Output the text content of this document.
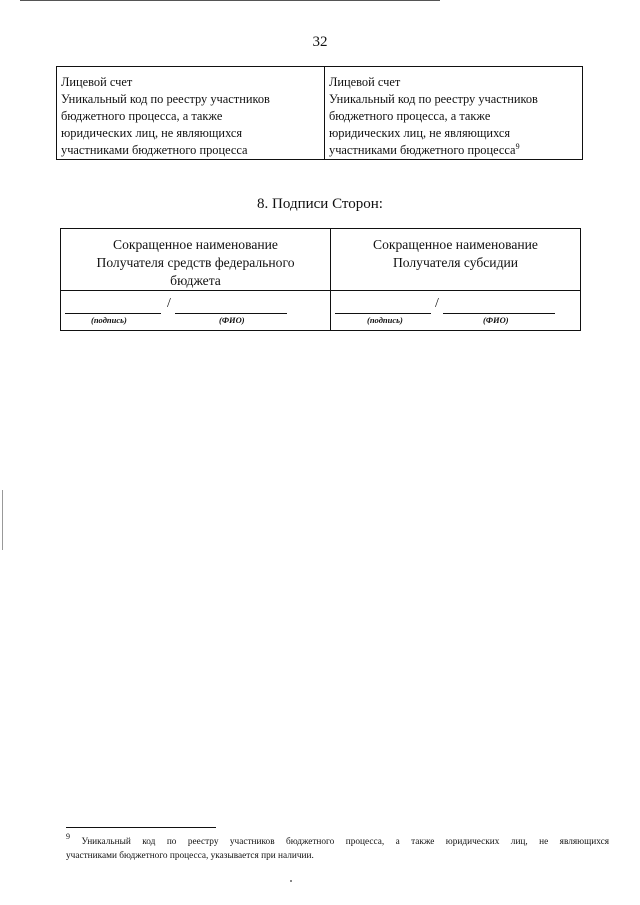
32
Лицевой счет
Уникальный код по реестру участников
бюджетного процесса, а также
юридических лиц, не являющихся
участниками бюджетного процесса
Лицевой счет
Уникальный код по реестру участников
бюджетного процесса, а также
юридических лиц, не являющихся
участниками бюджетного процесса$^9$
8. Подписи Сторон:
Сокращенное наименование
Получателя средств федерального
бюджета
Сокращенное наименование
Получателя субсидии
/
(подпись)	(ФИО)
/
(подпись)	(ФИО)
$^9$ Уникальный код по реестру участников бюджетного процесса, а также юридических лиц, не являющихся
участниками бюджетного процесса, указывается при наличии.
